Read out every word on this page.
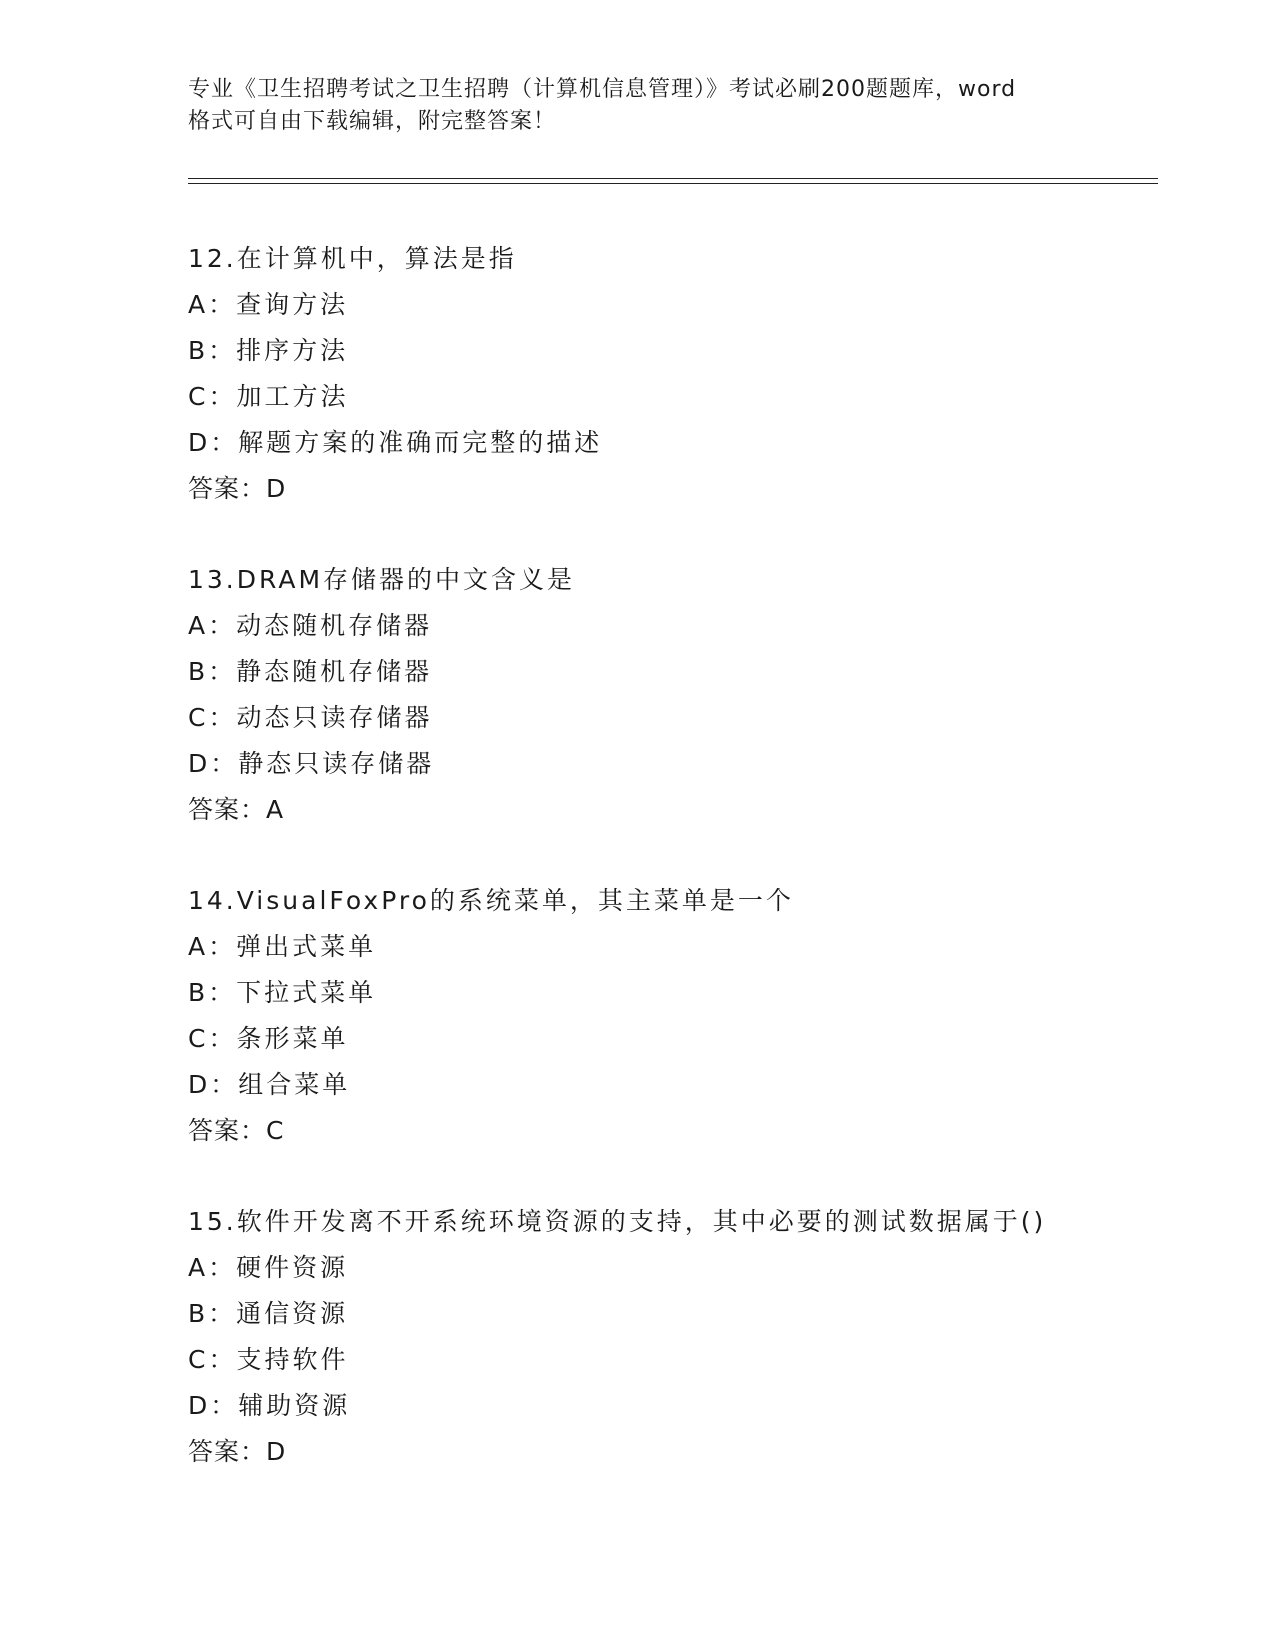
专业《卫生招聘考试之卫生招聘（计算机信息管理）》考试必刷200题题库，word
格式可自由下载编辑，附完整答案！
12.在计算机中，算法是指
A：查询方法
B：排序方法
C：加工方法
D：解题方案的准确而完整的描述
答案：D
13.DRAM存储器的中文含义是
A：动态随机存储器
B：静态随机存储器
C：动态只读存储器
D：静态只读存储器
答案：A
14.VisualFoxPro的系统菜单，其主菜单是一个
A：弹出式菜单
B：下拉式菜单
C：条形菜单
D：组合菜单
答案：C
15.软件开发离不开系统环境资源的支持，其中必要的测试数据属于()
A：硬件资源
B：通信资源
C：支持软件
D：辅助资源
答案：D
